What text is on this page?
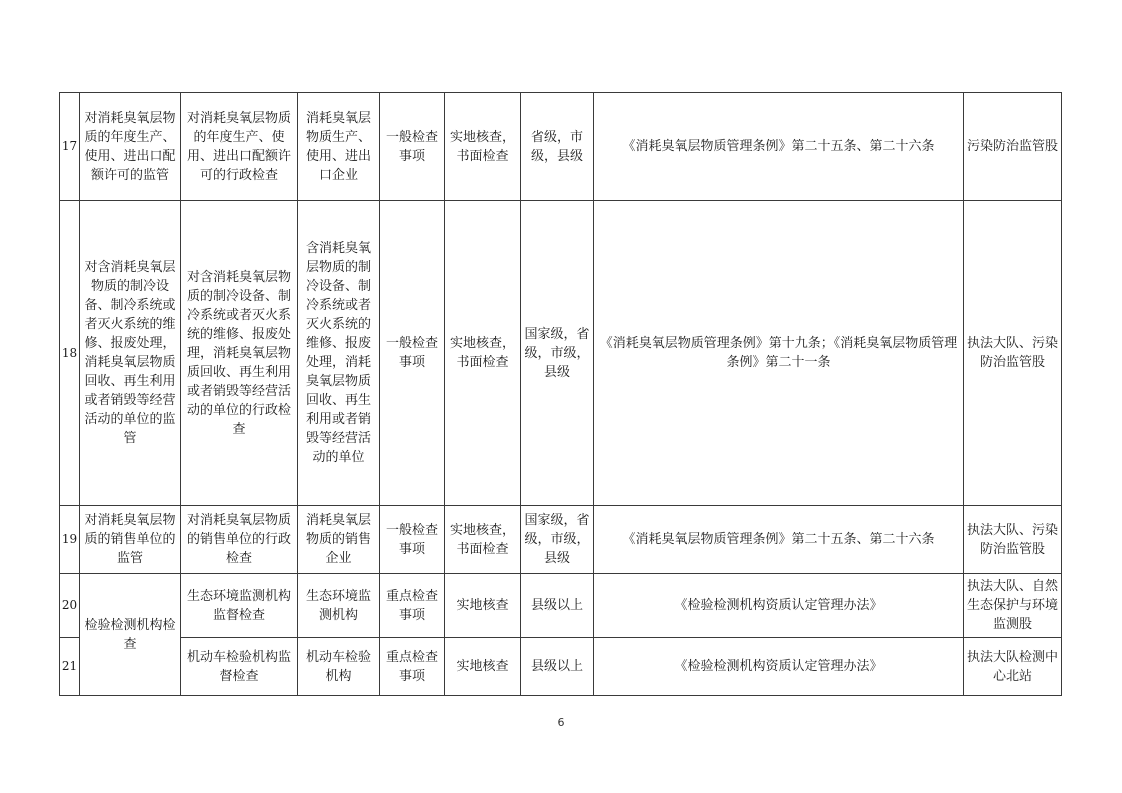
17	对消耗臭氧层物质的年度生产、使用、进出口配额许可的监管	对消耗臭氧层物质的年度生产、使用、进出口配额许可的行政检查	消耗臭氧层物质生产、使用、进出口企业	一般检查事项	实地核查，书面检查	省级，市级，县级	《消耗臭氧层物质管理条例》第二十五条、第二十六条	污染防治监管股
18	对含消耗臭氧层物质的制冷设备、制冷系统或者灭火系统的维修、报废处理，消耗臭氧层物质回收、再生利用或者销毁等经营活动的单位的监管	对含消耗臭氧层物质的制冷设备、制冷系统或者灭火系统的维修、报废处理，消耗臭氧层物质回收、再生利用或者销毁等经营活动的单位的行政检查	含消耗臭氧层物质的制冷设备、制冷系统或者灭火系统的维修、报废处理，消耗臭氧层物质回收、再生利用或者销毁等经营活动的单位	一般检查事项	实地核查，书面检查	国家级，省级，市级，县级	《消耗臭氧层物质管理条例》第十九条；《消耗臭氧层物质管理条例》第二十一条	执法大队、污染防治监管股
19	对消耗臭氧层物质的销售单位的监管	对消耗臭氧层物质的销售单位的行政检查	消耗臭氧层物质的销售企业	一般检查事项	实地核查，书面检查	国家级，省级，市级，县级	《消耗臭氧层物质管理条例》第二十五条、第二十六条	执法大队、污染防治监管股
20	检验检测机构检查	生态环境监测机构监督检查	生态环境监测机构	重点检查事项	实地核查	县级以上	《检验检测机构资质认定管理办法》	执法大队、自然生态保护与环境监测股
21		机动车检验机构监督检查	机动车检验机构	重点检查事项	实地核查	县级以上	《检验检测机构资质认定管理办法》	执法大队检测中心北站
6
